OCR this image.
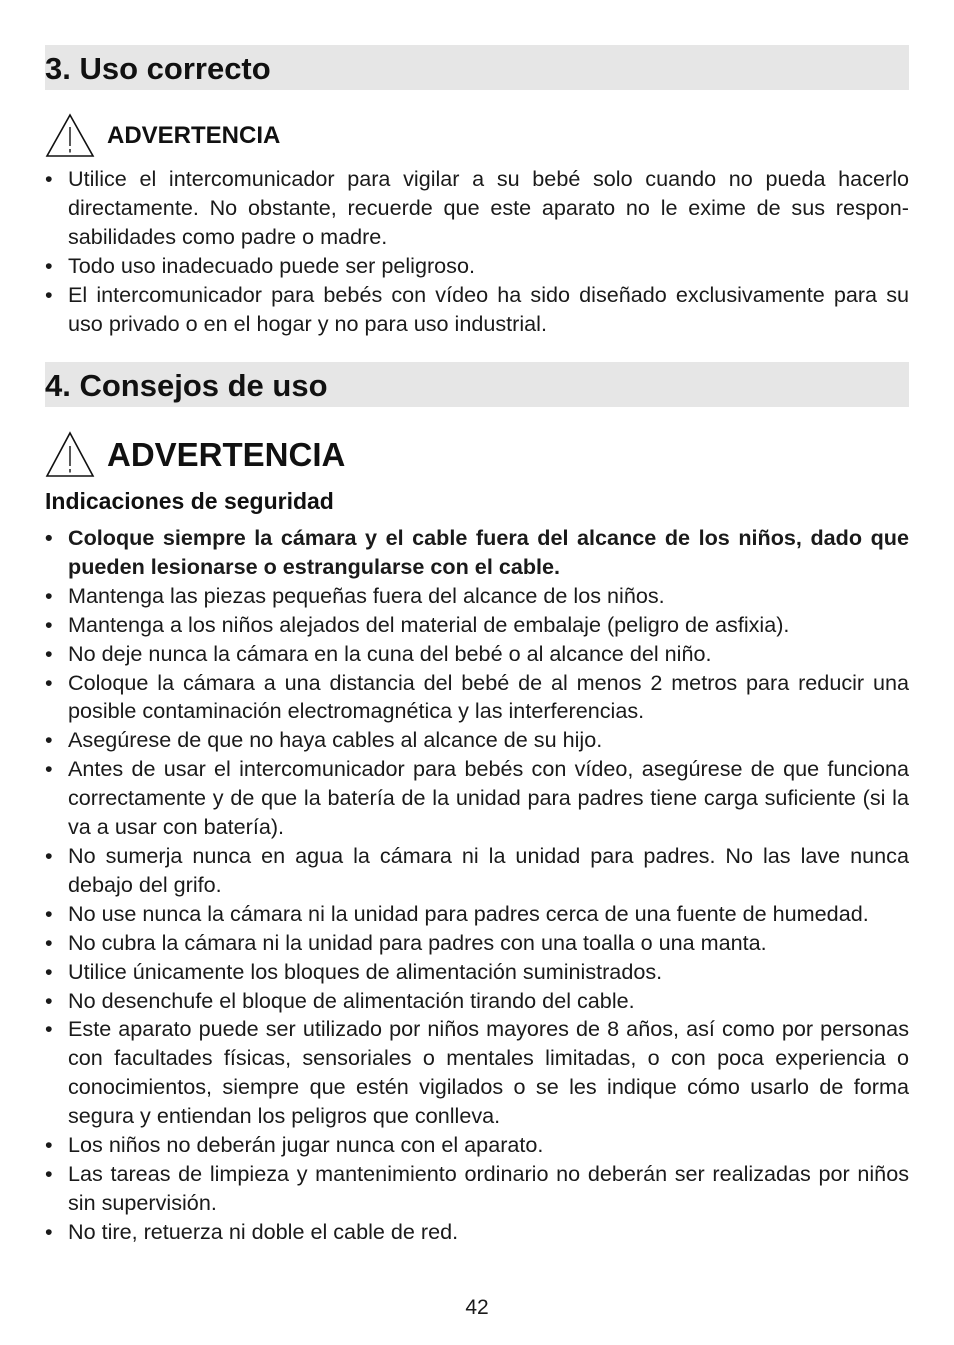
3. Uso correcto
ADVERTENCIA
• Utilice el intercomunicador para vigilar a su bebé solo cuando no pueda hacerlo directamente. No obstante, recuerde que este aparato no le exime de sus respon-sabilidades como padre o madre.
• Todo uso inadecuado puede ser peligroso.
• El intercomunicador para bebés con vídeo ha sido diseñado exclusivamente para su uso privado o en el hogar y no para uso industrial.
4. Consejos de uso
ADVERTENCIA
Indicaciones de seguridad
• Coloque siempre la cámara y el cable fuera del alcance de los niños, dado que pueden lesionarse o estrangularse con el cable.
• Mantenga las piezas pequeñas fuera del alcance de los niños.
• Mantenga a los niños alejados del material de embalaje (peligro de asfixia).
• No deje nunca la cámara en la cuna del bebé o al alcance del niño.
• Coloque la cámara a una distancia del bebé de al menos 2 metros para reducir una posible contaminación electromagnética y las interferencias.
• Asegúrese de que no haya cables al alcance de su hijo.
• Antes de usar el intercomunicador para bebés con vídeo, asegúrese de que funciona correctamente y de que la batería de la unidad para padres tiene carga suficiente (si la va a usar con batería).
• No sumerja nunca en agua la cámara ni la unidad para padres. No las lave nunca debajo del grifo.
• No use nunca la cámara ni la unidad para padres cerca de una fuente de humedad.
• No cubra la cámara ni la unidad para padres con una toalla o una manta.
• Utilice únicamente los bloques de alimentación suministrados.
• No desenchufe el bloque de alimentación tirando del cable.
• Este aparato puede ser utilizado por niños mayores de 8 años, así como por personas con facultades físicas, sensoriales o mentales limitadas, o con poca experiencia o conocimientos, siempre que estén vigilados o se les indique cómo usarlo de forma segura y entiendan los peligros que conlleva.
• Los niños no deberán jugar nunca con el aparato.
• Las tareas de limpieza y mantenimiento ordinario no deberán ser realizadas por niños sin supervisión.
• No tire, retuerza ni doble el cable de red.
42
